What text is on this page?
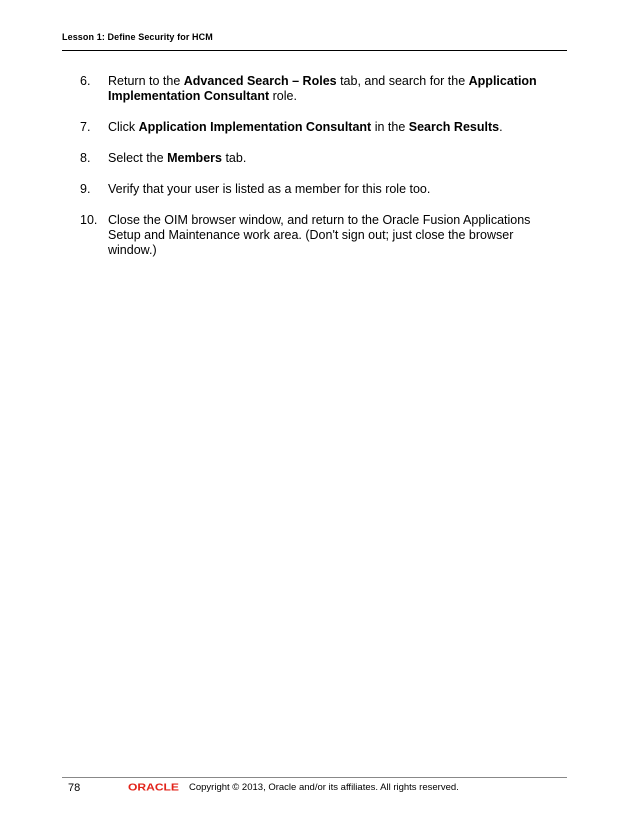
Lesson 1: Define Security for HCM
6.	Return to the Advanced Search – Roles tab, and search for the Application Implementation Consultant role.
7.	Click Application Implementation Consultant in the Search Results.
8.	Select the Members tab.
9.	Verify that your user is listed as a member for this role too.
10. Close the OIM browser window, and return to the Oracle Fusion Applications Setup and Maintenance work area. (Don't sign out; just close the browser window.)
78	ORACLE Copyright © 2013, Oracle and/or its affiliates. All rights reserved.
